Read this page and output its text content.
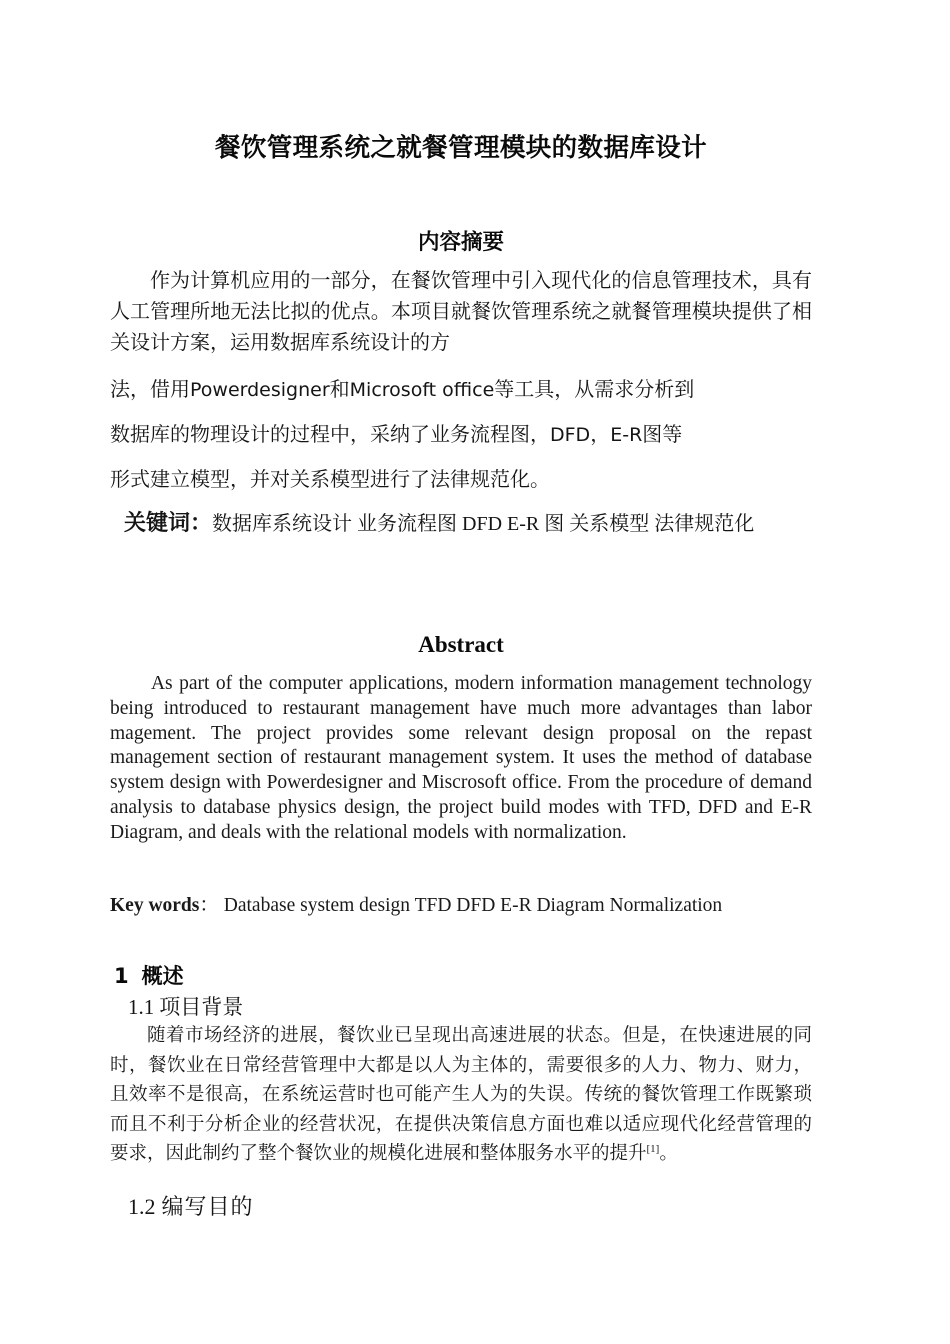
餐饮管理系统之就餐管理模块的数据库设计
内容摘要
作为计算机应用的一部分，在餐饮管理中引入现代化的信息管理技术，具有人工管理所地无法比拟的优点。本项目就餐饮管理系统之就餐管理模块提供了相关设计方案，运用数据库系统设计的方
法，借用Powerdesigner和Microsoft office等工具，从需求分析到
数据库的物理设计的过程中，采纳了业务流程图，DFD，E-R图等
形式建立模型，并对关系模型进行了法律规范化。
关键词：数据库系统设计 业务流程图 DFD E-R 图 关系模型 法律规范化
Abstract

As part of the computer applications, modern information management technology being introduced to restaurant management have much more advantages than labor magement. The project provides some relevant design proposal on the repast management section of restaurant management system. It uses the method of database system design with Powerdesigner and Miscrosoft office. From the procedure of demand analysis to database physics design, the project build modes with TFD, DFD and E-R Diagram, and deals with the relational models with normalization.

Key words： Database system design TFD DFD E-R Diagram Normalization
1 概述
1.1 项目背景
随着市场经济的进展，餐饮业已呈现出高速进展的状态。但是，在快速进展的同时，餐饮业在日常经营管理中大都是以人为主体的，需要很多的人力、物力、财力，且效率不是很高，在系统运营时也可能产生人为的失误。传统的餐饮管理工作既繁琐而且不利于分析企业的经营状况，在提供决策信息方面也难以适应现代化经营管理的要求，因此制约了整个餐饮业的规模化进展和整体服务水平的提升[1]。
1.2 编写目的
